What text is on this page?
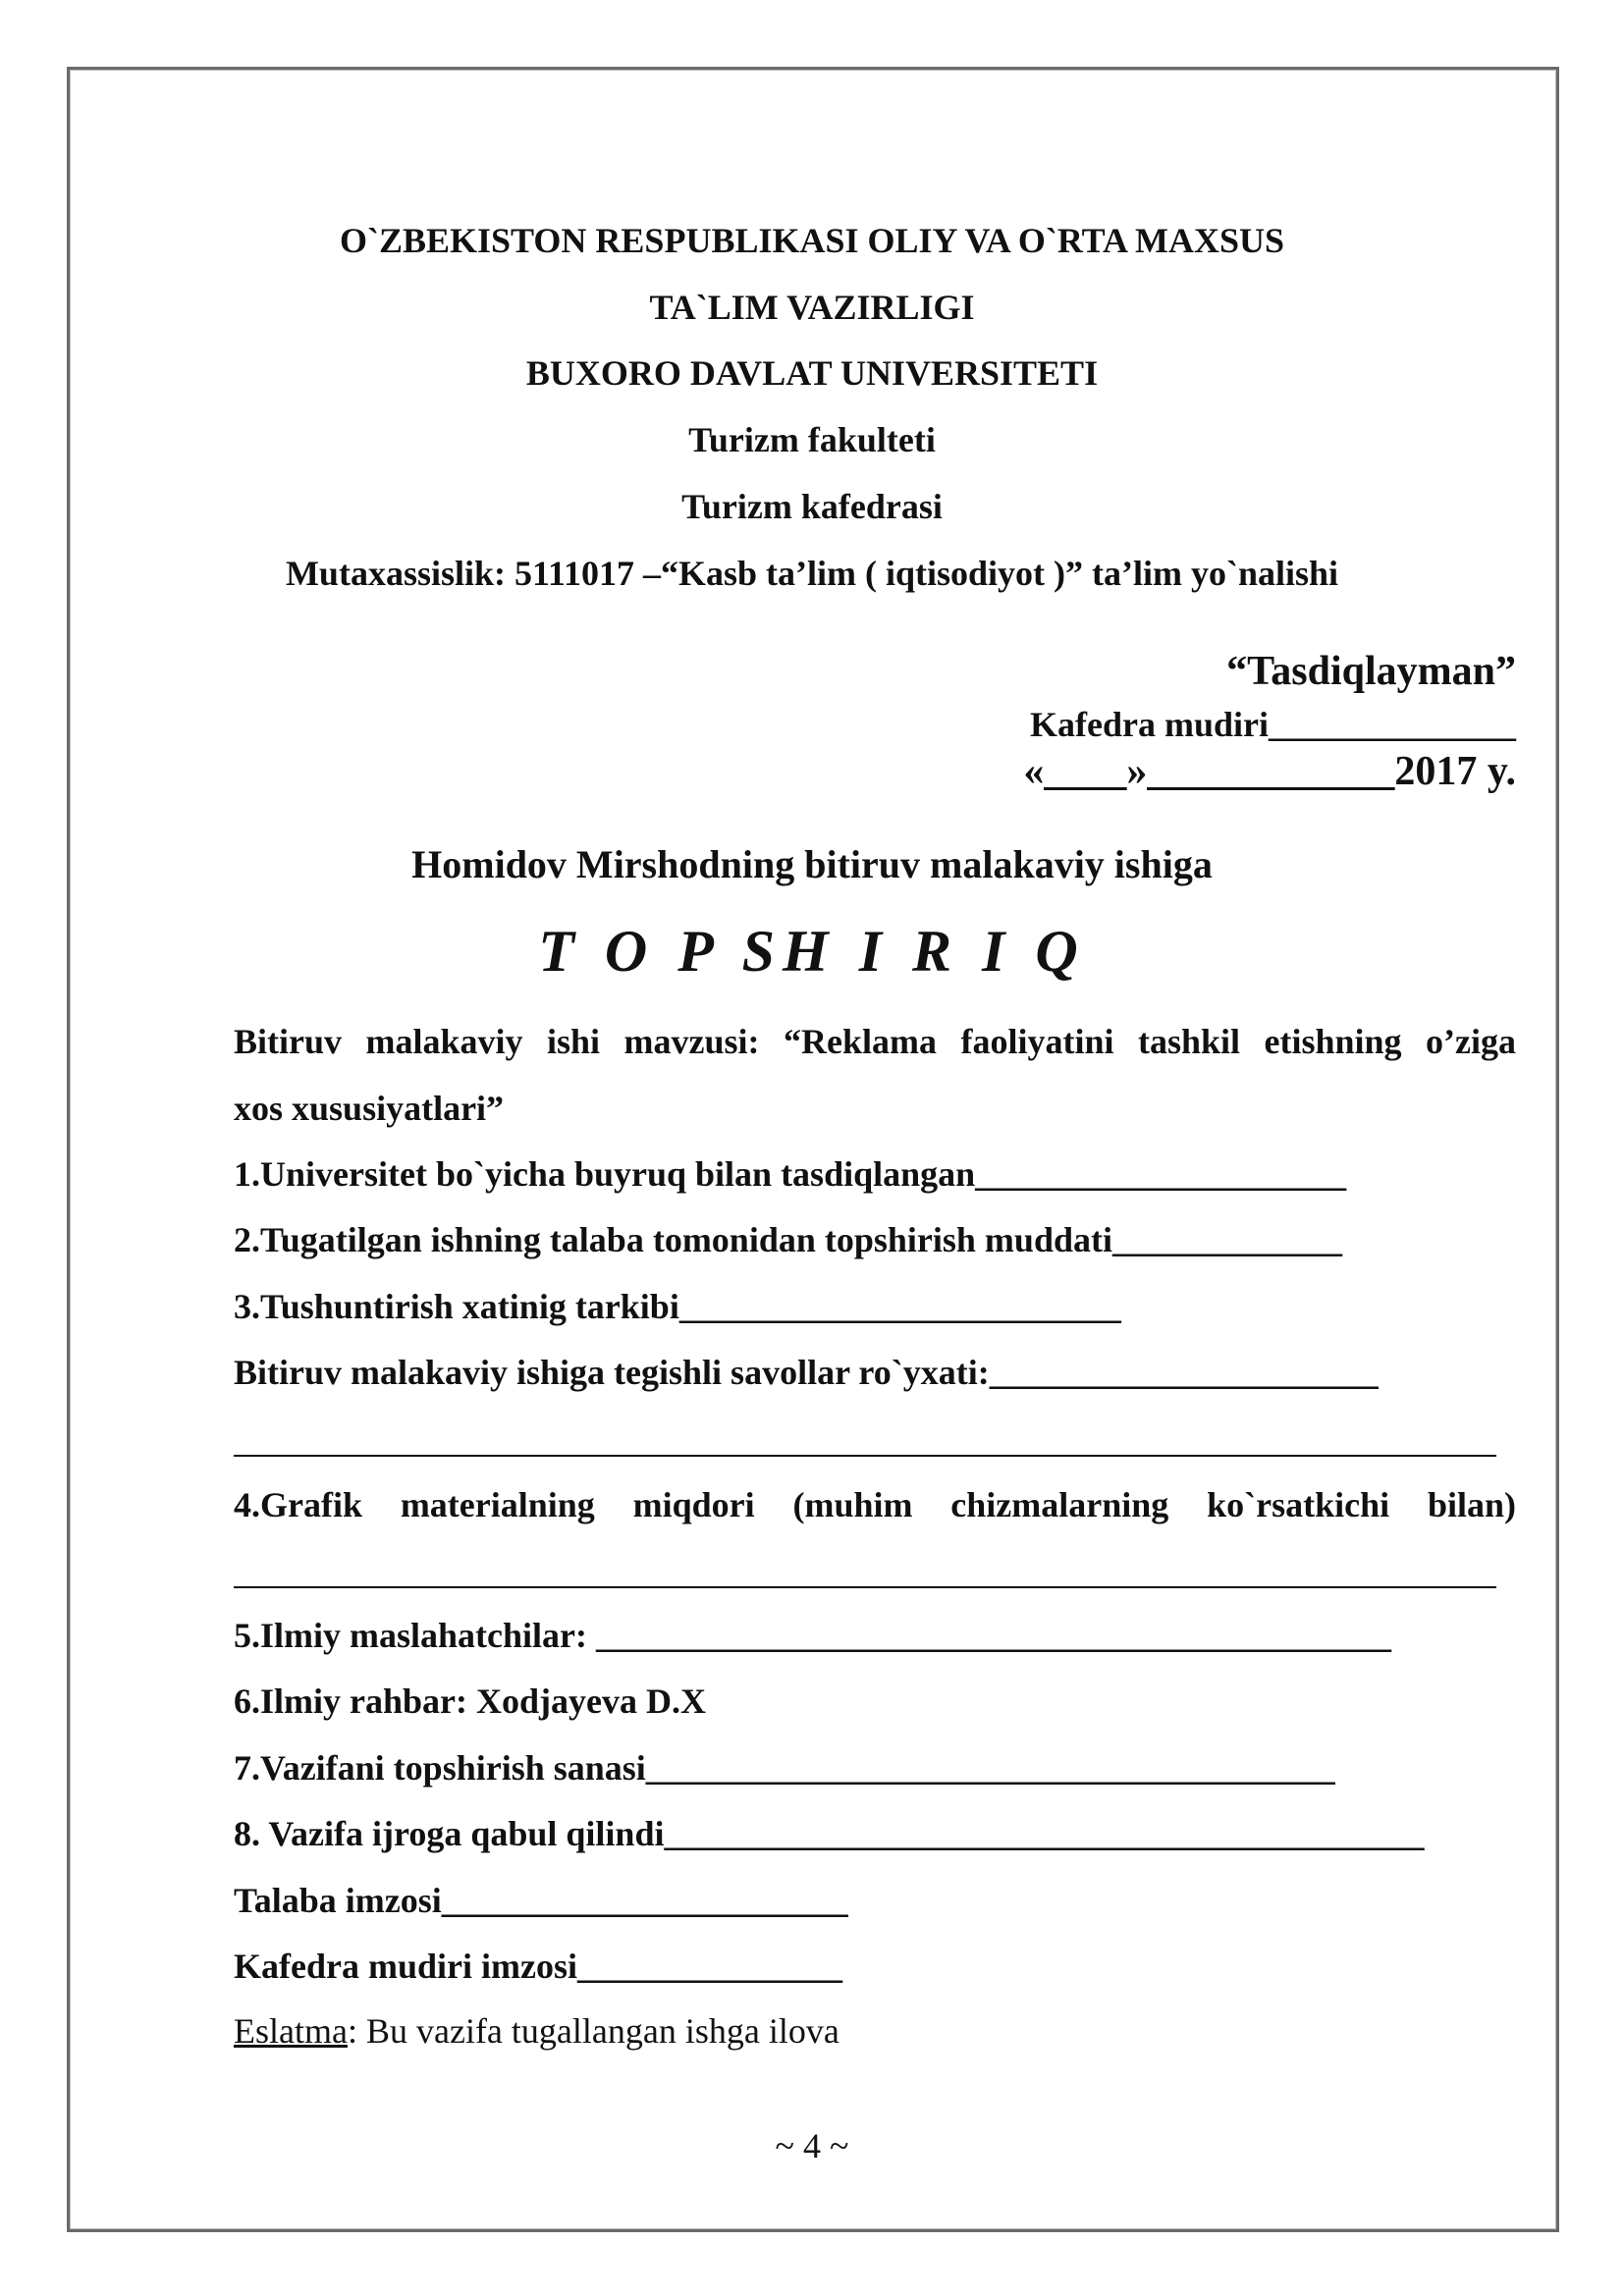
O`ZBEKISTON RESPUBLIKASI OLIY VA O`RTA MAXSUS
TA`LIM VAZIRLIGI
BUXORO DAVLAT UNIVERSITETI
Turizm fakulteti
Turizm kafedrasi
Mutaxassislik: 5111017 –“Kasb ta’lim ( iqtisodiyot )” ta’lim yo`nalishi
“Tasdiqlayman”
Kafedra mudiri______________
«____»____________2017 y.
Homidov Mirshodning bitiruv malakaviy ishiga
T O P SH I R I Q
Bitiruv malakaviy ishi mavzusi: “Reklama faoliyatini tashkil etishning o’ziga
xos xususiyatlari”
1.Universitet bo`yicha buyruq bilan tasdiqlangan_____________________
2.Tugatilgan ishning talaba tomonidan topshirish muddati_____________
3.Tushuntirish xatinig tarkibi_________________________
Bitiruv malakaviy ishiga tegishli savollar ro`yxati:______________________
4.Grafik materialning miqdori (muhim chizmalarning ko`rsatkichi bilan)
5.Ilmiy maslahatchilar: _____________________________________________
6.Ilmiy rahbar: Xodjayeva D.X
7.Vazifani topshirish sanasi_______________________________________
8. Vazifa ijroga qabul qilindi___________________________________________
Talaba imzosi_______________________
Kafedra mudiri imzosi_______________
Eslatma: Bu vazifa tugallangan ishga ilova
~ 4 ~
